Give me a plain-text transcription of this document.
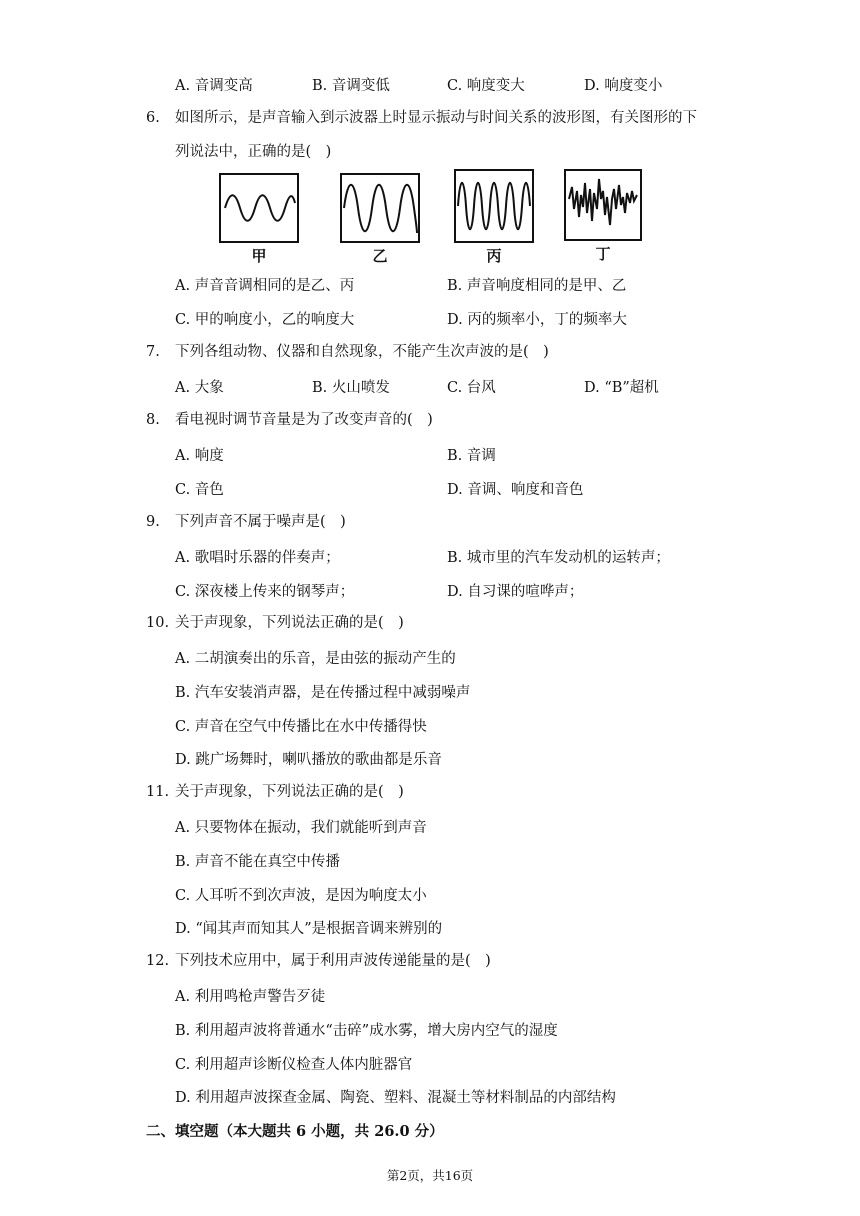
A. 音调变高	B. 音调变低	C. 响度变大	D. 响度变小
6.	如图所示，是声音输入到示波器上时显示振动与时间关系的波形图，有关图形的下
列说法中，正确的是(　)
甲	乙	丙	丁
A. 声音音调相同的是乙、丙	B. 声音响度相同的是甲、乙
C. 甲的响度小，乙的响度大	D. 丙的频率小，丁的频率大
7.	下列各组动物、仪器和自然现象，不能产生次声波的是(　)
A. 大象	B. 火山喷发	C. 台风	D. “B”超机
8.	看电视时调节音量是为了改变声音的(　)
A. 响度	B. 音调
C. 音色	D. 音调、响度和音色
9.	下列声音不属于噪声是(　)
A. 歌唱时乐器的伴奏声；	B. 城市里的汽车发动机的运转声；
C. 深夜楼上传来的钢琴声；	D. 自习课的喧哗声；
10. 关于声现象，下列说法正确的是(　)
A. 二胡演奏出的乐音，是由弦的振动产生的
B. 汽车安装消声器，是在传播过程中减弱噪声
C. 声音在空气中传播比在水中传播得快
D. 跳广场舞时，喇叭播放的歌曲都是乐音
11. 关于声现象，下列说法正确的是(　)
A. 只要物体在振动，我们就能听到声音
B. 声音不能在真空中传播
C. 人耳听不到次声波，是因为响度太小
D. “闻其声而知其人”是根据音调来辨别的
12. 下列技术应用中，属于利用声波传递能量的是(　)
A. 利用鸣枪声警告歹徒
B. 利用超声波将普通水“击碎”成水雾，增大房内空气的湿度
C. 利用超声诊断仪检查人体内脏器官
D. 利用超声波探查金属、陶瓷、塑料、混凝土等材料制品的内部结构
二、填空题（本大题共 6 小题，共 26.0 分）
第2页，共16页
